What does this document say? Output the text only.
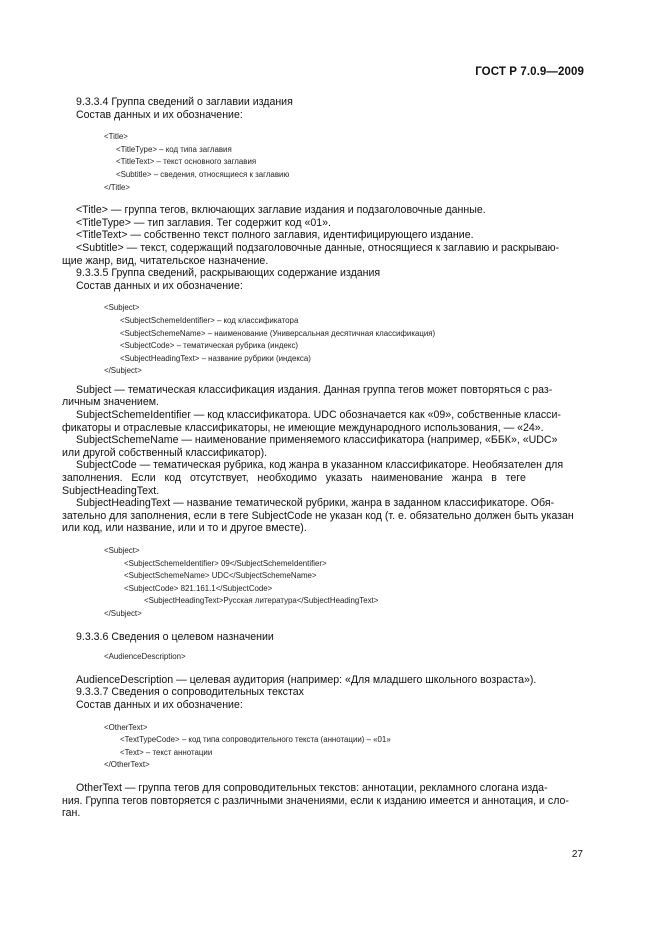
ГОСТ Р 7.0.9—2009

9.3.3.4 Группа сведений о заглавии издания

Состав данных и их обозначение:

<Title>
<TitleType> – код типа заглавия
<TitleText> – текст основного заглавия
<Subtitle> – сведения, относящиеся к заглавию
</Title>

<Title> — группа тегов, включающих заглавие издания и подзаголовочные данные.

<TitleType> — тип заглавия. Тег содержит код «01».

<TitleText> — собственно текст полного заглавия, идентифицирующего издание.

<Subtitle> — текст, содержащий подзаголовочные данные, относящиеся к заглавию и раскрываю-

щие жанр, вид, читательское назначение.

9.3.3.5 Группа сведений, раскрывающих содержание издания

Состав данных и их обозначение:

<Subject>
<SubjectSchemeIdentifier> – код классификатора
<SubjectSchemeName> – наименование (Универсальная десятичная классификация)
<SubjectCode> – тематическая рубрика (индекс)
<SubjectHeadingText> – название рубрики (индекса)
</Subject>

Subject — тематическая классификация издания. Данная группа тегов может повторяться с раз-

личным значением.

SubjectSchemeIdentifier — код классификатора. UDC обозначается как «09», собственные класси-

фикаторы и отраслевые классификаторы, не имеющие международного использования, — «24».

SubjectSchemeName — наименование применяемого классификатора (например, «ББК», «UDC»

или другой собственный классификатор).

SubjectCode — тематическая рубрика, код жанра в указанном классификаторе. Необязателен для

заполнения.   Если   код   отсутствует,   необходимо   указать   наименование   жанра   в   теге

SubjectHeadingText.

SubjectHeadingText — название тематической рубрики, жанра в заданном классификаторе. Обя-

зательно для заполнения, если в теге SubjectCode не указан код (т. е. обязательно должен быть указан

или код, или название, или и то и другое вместе).

<Subject>
<SubjectSchemeIdentifier> 09</SubjectSchemeIdentifier>
<SubjectSchemeName> UDC</SubjectSchemeName>
<SubjectCode> 821.161.1</SubjectCode>
<SubjectHeadingText>Русская литература</SubjectHeadingText>
</Subject>

9.3.3.6 Сведения о целевом назначении

<AudienceDescription>

AudienceDescription — целевая аудитория (например: «Для младшего школьного возраста»).

9.3.3.7 Сведения о сопроводительных текстах

Состав данных и их обозначение:

<OtherText>
<TextTypeCode> – код типа сопроводительного текста (аннотации) – «01»
<Text> – текст аннотации
</OtherText>

OtherText — группа тегов для сопроводительных текстов: аннотации, рекламного слогана изда-

ния. Группа тегов повторяется с различными значениями, если к изданию имеется и аннотация, и сло-

ган.

27
